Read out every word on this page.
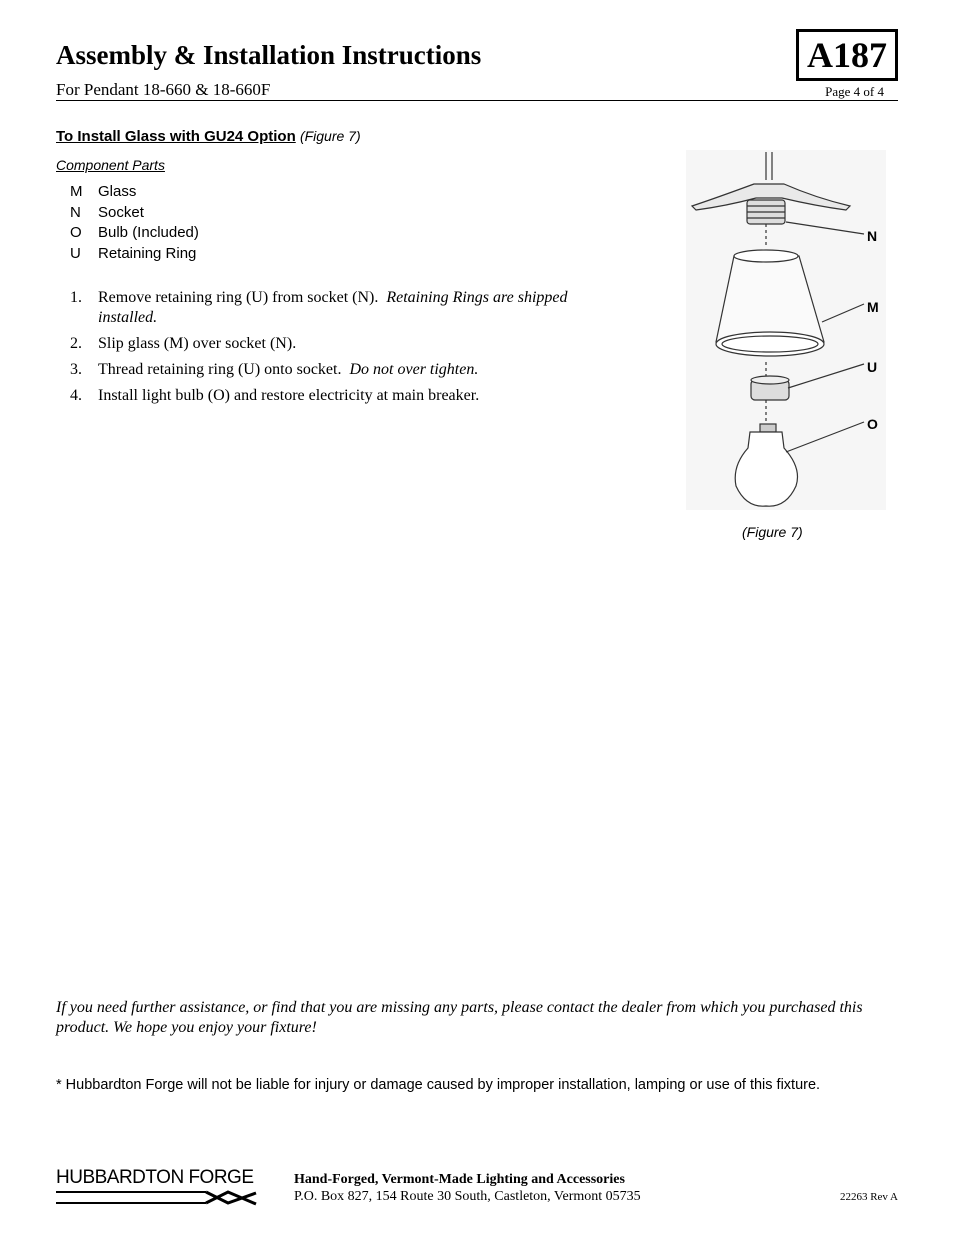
Assembly & Installation Instructions
For Pendant 18-660 & 18-660F
A187
Page 4 of 4
To Install Glass with GU24 Option (Figure 7)
Component Parts
M	Glass
N	Socket
O	Bulb (Included)
U	Retaining Ring
1.	Remove retaining ring (U) from socket (N). Retaining Rings are shipped installed.
2.	Slip glass (M) over socket (N).
3.	Thread retaining ring (U) onto socket. Do not over tighten.
4.	Install light bulb (O) and restore electricity at main breaker.
N
M
U
O
(Figure 7)
If you need further assistance, or find that you are missing any parts, please contact the dealer from which you purchased this product. We hope you enjoy your fixture!
* Hubbardton Forge will not be liable for injury or damage caused by improper installation, lamping or use of this fixture.
HUBBARDTON FORGE	Hand-Forged, Vermont-Made Lighting and Accessories
P.O. Box 827, 154 Route 30 South, Castleton, Vermont 05735	22263 Rev A
